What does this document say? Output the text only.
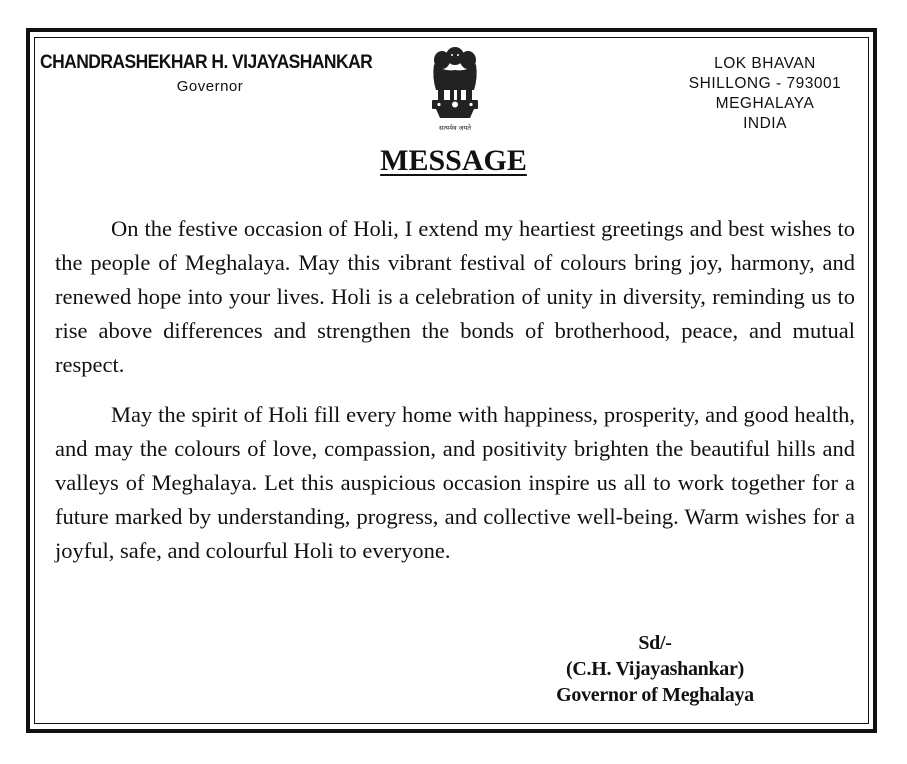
CHANDRASHEKHAR H. VIJAYASHANKAR
Governor
सत्यमेव जयते
LOK BHAVAN
SHILLONG - 793001
MEGHALAYA
INDIA
MESSAGE

On the festive occasion of Holi, I extend my heartiest greetings and best wishes to the people of Meghalaya. May this vibrant festival of colours bring joy, harmony, and renewed hope into your lives. Holi is a celebration of unity in diversity, reminding us to rise above differences and strengthen the bonds of brotherhood, peace, and mutual respect.

May the spirit of Holi fill every home with happiness, prosperity, and good health, and may the colours of love, compassion, and positivity brighten the beautiful hills and valleys of Meghalaya. Let this auspicious occasion inspire us all to work together for a future marked by understanding, progress, and collective well-being. Warm wishes for a joyful, safe, and colourful Holi to everyone.

Sd/-
(C.H. Vijayashankar)
Governor of Meghalaya
